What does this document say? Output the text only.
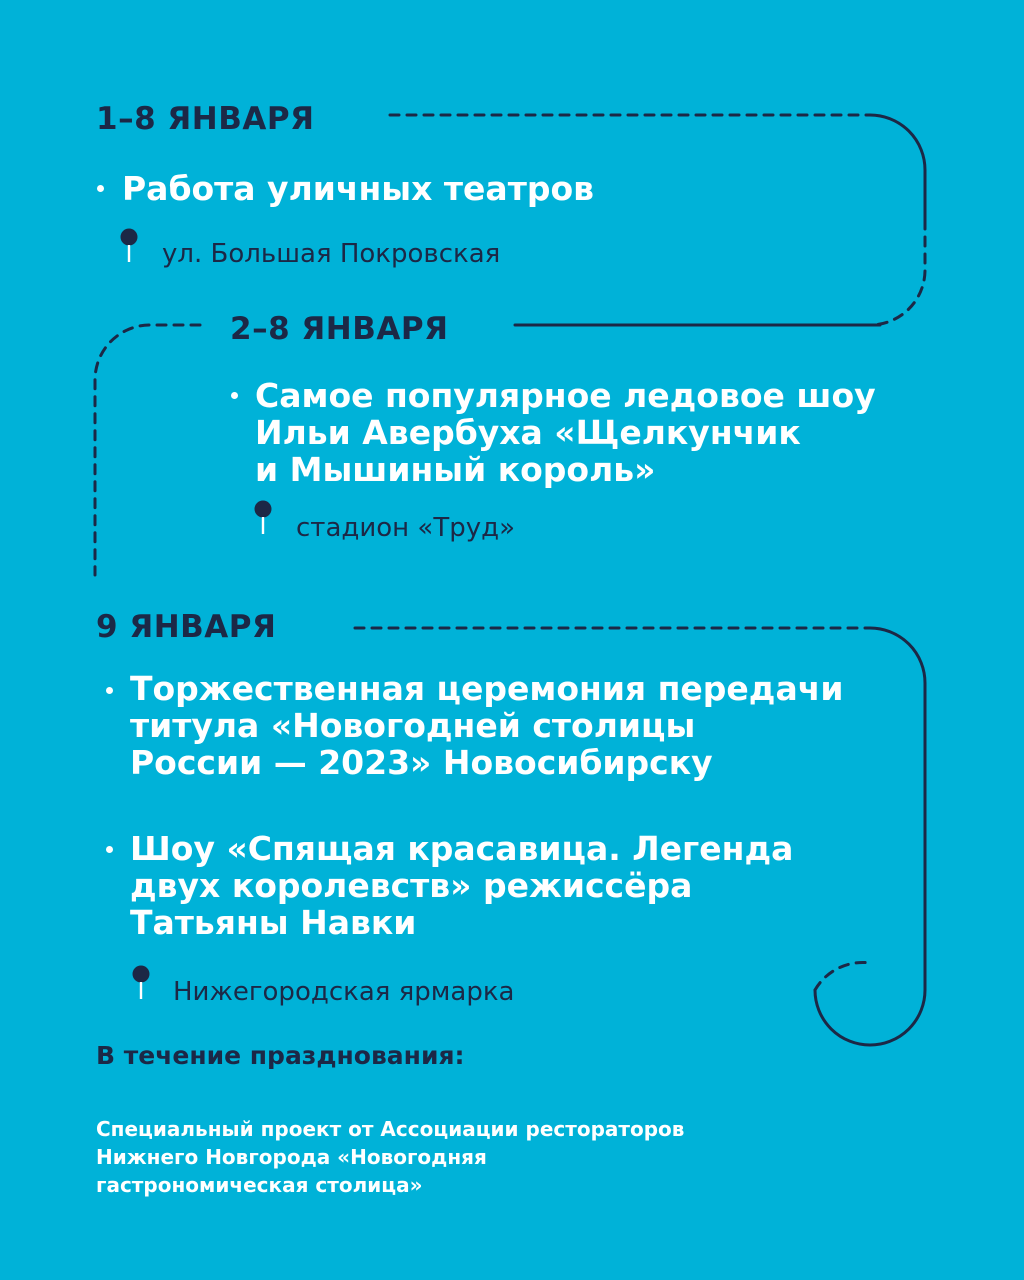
1–8 ЯНВАРЯ
Работа уличных театров
ул. Большая Покровская
2–8 ЯНВАРЯ
Самое популярное ледовое шоу
Ильи Авербуха «Щелкунчик
и Мышиный король»
стадион «Труд»
9 ЯНВАРЯ
Торжественная церемония передачи
титула «Новогодней столицы
России — 2023» Новосибирску
Шоу «Спящая красавица. Легенда
двух королевств» режиссёра
Татьяны Навки
Нижегородская ярмарка
В течение празднования:
Специальный проект от Ассоциации рестораторов
Нижнего Новгорода «Новогодняя
гастрономическая столица»
